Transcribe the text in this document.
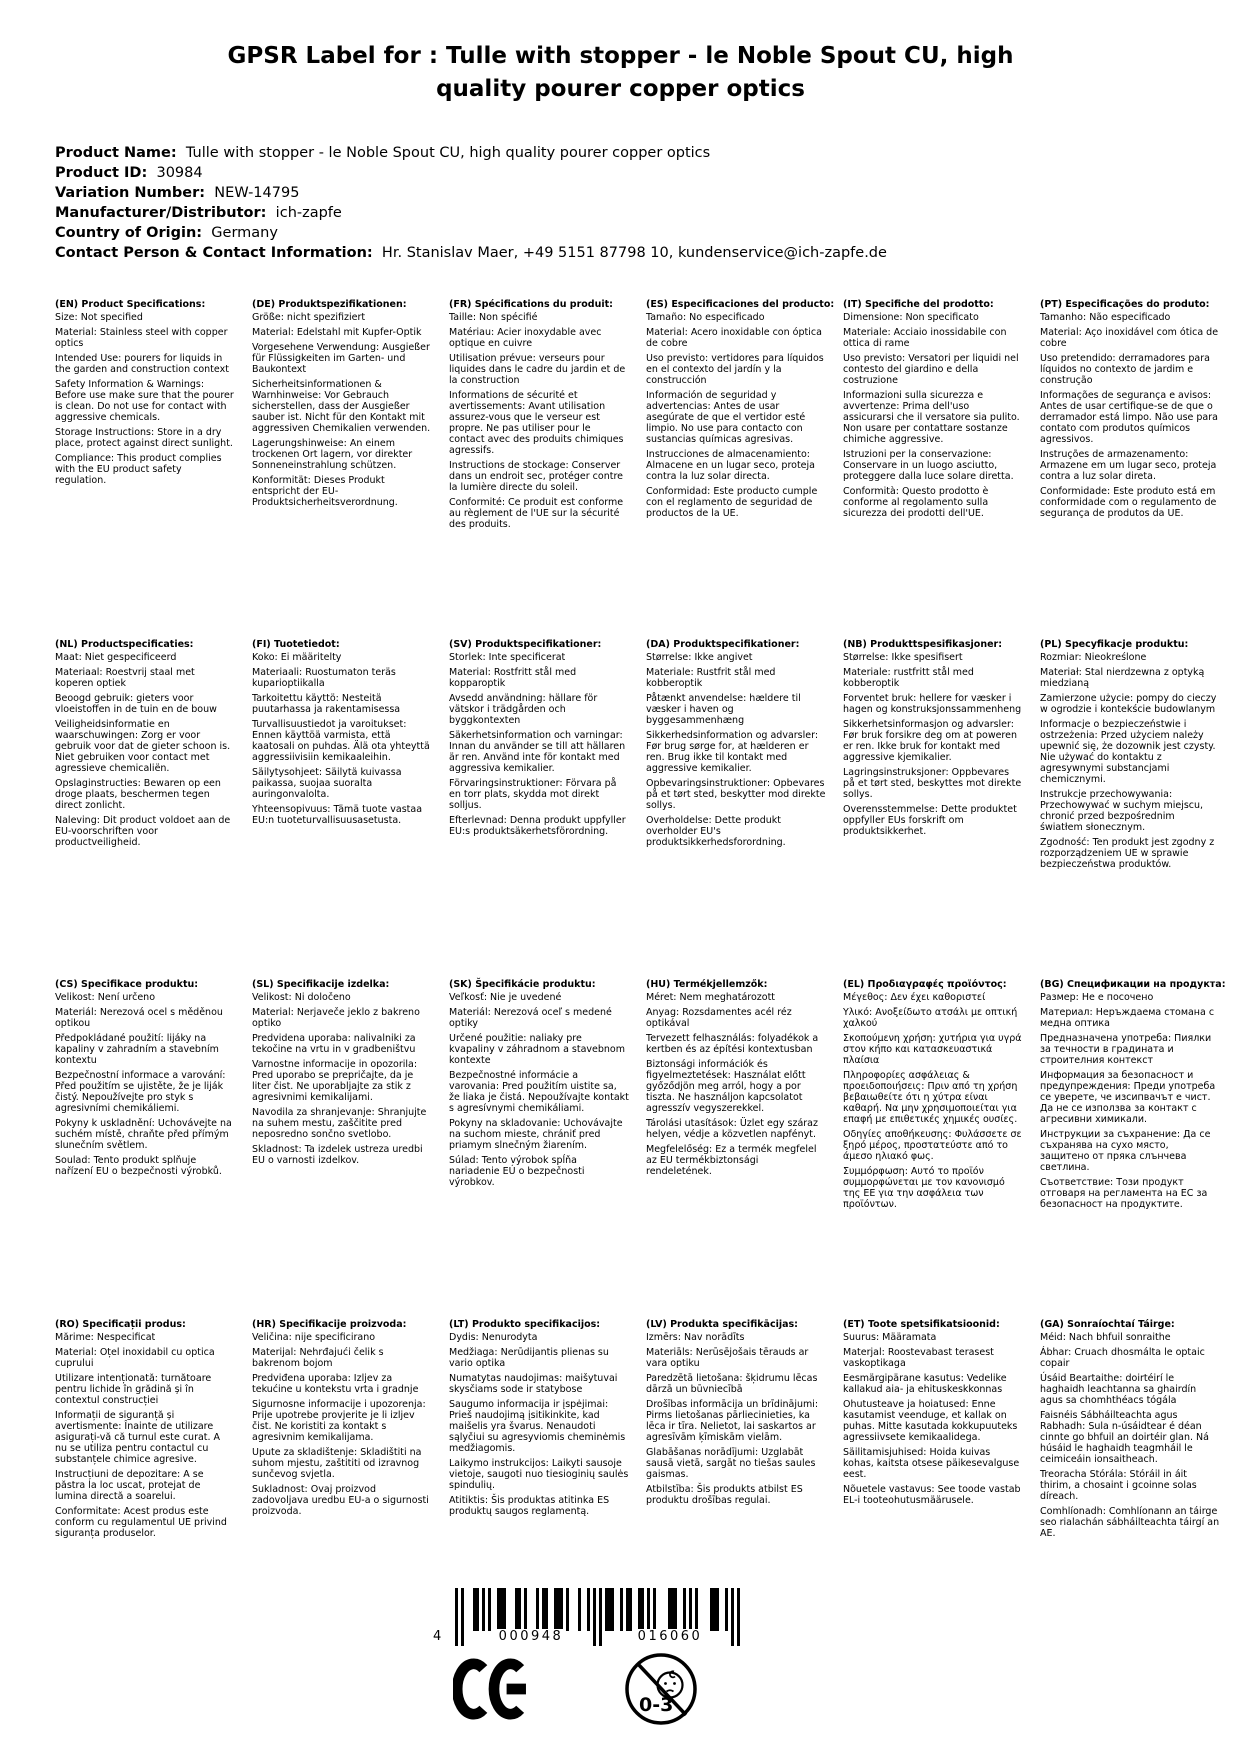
GPSR Label for : Tulle with stopper - le Noble Spout CU, high quality pourer copper optics
Product Name:  Tulle with stopper - le Noble Spout CU, high quality pourer copper optics
Product ID:  30984
Variation Number:  NEW-14795
Manufacturer/Distributor:  ich-zapfe
Country of Origin:  Germany
Contact Person & Contact Information:  Hr. Stanislav Maer, +49 5151 87798 10, kundenservice@ich-zapfe.de
(EN) Product Specifications:

Size: Not specified

Material: Stainless steel with copper optics

Intended Use: pourers for liquids in the garden and construction context

Safety Information & Warnings: Before use make sure that the pourer is clean. Do not use for contact with aggressive chemicals.

Storage Instructions: Store in a dry place, protect against direct sunlight.

Compliance: This product complies with the EU product safety regulation.

(DE) Produktspezifikationen:

Größe: nicht spezifiziert

Material: Edelstahl mit Kupfer-Optik

Vorgesehene Verwendung: Ausgießer für Flüssigkeiten im Garten- und Baukontext

Sicherheitsinformationen & Warnhinweise: Vor Gebrauch sicherstellen, dass der Ausgießer sauber ist. Nicht für den Kontakt mit aggressiven Chemikalien verwenden.

Lagerungshinweise: An einem trockenen Ort lagern, vor direkter Sonneneinstrahlung schützen.

Konformität: Dieses Produkt entspricht der EU-Produktsicherheitsverordnung.

(FR) Spécifications du produit:

Taille: Non spécifié

Matériau: Acier inoxydable avec optique en cuivre

Utilisation prévue: verseurs pour liquides dans le cadre du jardin et de la construction

Informations de sécurité et avertissements: Avant utilisation assurez-vous que le verseur est propre. Ne pas utiliser pour le contact avec des produits chimiques agressifs.

Instructions de stockage: Conserver dans un endroit sec, protéger contre la lumière directe du soleil.

Conformité: Ce produit est conforme au règlement de l'UE sur la sécurité des produits.

(ES) Especificaciones del producto:

Tamaño: No especificado

Material: Acero inoxidable con óptica de cobre

Uso previsto: vertidores para líquidos en el contexto del jardín y la construcción

Información de seguridad y advertencias: Antes de usar asegúrate de que el vertidor esté limpio. No use para contacto con sustancias químicas agresivas.

Instrucciones de almacenamiento: Almacene en un lugar seco, proteja contra la luz solar directa.

Conformidad: Este producto cumple con el reglamento de seguridad de productos de la UE.

(IT) Specifiche del prodotto:

Dimensione: Non specificato

Materiale: Acciaio inossidabile con ottica di rame

Uso previsto: Versatori per liquidi nel contesto del giardino e della costruzione

Informazioni sulla sicurezza e avvertenze: Prima dell'uso assicurarsi che il versatore sia pulito. Non usare per contattare sostanze chimiche aggressive.

Istruzioni per la conservazione: Conservare in un luogo asciutto, proteggere dalla luce solare diretta.

Conformità: Questo prodotto è conforme al regolamento sulla sicurezza dei prodotti dell'UE.

(PT) Especificações do produto:

Tamanho: Não especificado

Material: Aço inoxidável com ótica de cobre

Uso pretendido: derramadores para líquidos no contexto de jardim e construção

Informações de segurança e avisos: Antes de usar certifique-se de que o derramador está limpo. Não use para contato com produtos químicos agressivos.

Instruções de armazenamento: Armazene em um lugar seco, proteja contra a luz solar direta.

Conformidade: Este produto está em conformidade com o regulamento de segurança de produtos da UE.

(NL) Productspecificaties:

Maat: Niet gespecificeerd

Materiaal: Roestvrij staal met koperen optiek

Beoogd gebruik: gieters voor vloeistoffen in de tuin en de bouw

Veiligheidsinformatie en waarschuwingen: Zorg er voor gebruik voor dat de gieter schoon is. Niet gebruiken voor contact met agressieve chemicaliën.

Opslaginstructies: Bewaren op een droge plaats, beschermen tegen direct zonlicht.

Naleving: Dit product voldoet aan de EU-voorschriften voor productveiligheid.

(FI) Tuotetiedot:

Koko: Ei määritelty

Materiaali: Ruostumaton teräs kuparioptiikalla

Tarkoitettu käyttö: Nesteitä puutarhassa ja rakentamisessa

Turvallisuustiedot ja varoitukset: Ennen käyttöä varmista, että kaatosali on puhdas. Älä ota yhteyttä aggressiivisiin kemikaaleihin.

Säilytysohjeet: Säilytä kuivassa paikassa, suojaa suoralta auringonvalolta.

Yhteensopivuus: Tämä tuote vastaa EU:n tuoteturvallisuusasetusta.

(SV) Produktspecifikationer:

Storlek: Inte specificerat

Material: Rostfritt stål med kopparoptik

Avsedd användning: hällare för vätskor i trädgården och byggkontexten

Säkerhetsinformation och varningar: Innan du använder se till att hällaren är ren. Använd inte för kontakt med aggressiva kemikalier.

Förvaringsinstruktioner: Förvara på en torr plats, skydda mot direkt solljus.

Efterlevnad: Denna produkt uppfyller EU:s produktsäkerhetsförordning.

(DA) Produktspecifikationer:

Størrelse: Ikke angivet

Materiale: Rustfrit stål med kobberoptik

Påtænkt anvendelse: hældere til væsker i haven og byggesammenhæng

Sikkerhedsinformation og advarsler: Før brug sørge for, at hælderen er ren. Brug ikke til kontakt med aggressive kemikalier.

Opbevaringsinstruktioner: Opbevares på et tørt sted, beskytter mod direkte sollys.

Overholdelse: Dette produkt overholder EU's produktsikkerhedsforordning.

(NB) Produkttspesifikasjoner:

Størrelse: Ikke spesifisert

Materiale: rustfritt stål med kobberoptik

Forventet bruk: hellere for væsker i hagen og konstruksjonssammenheng

Sikkerhetsinformasjon og advarsler: Før bruk forsikre deg om at poweren er ren. Ikke bruk for kontakt med aggressive kjemikalier.

Lagringsinstruksjoner: Oppbevares på et tørt sted, beskyttes mot direkte sollys.

Overensstemmelse: Dette produktet oppfyller EUs forskrift om produktsikkerhet.

(PL) Specyfikacje produktu:

Rozmiar: Nieokreślone

Materiał: Stal nierdzewna z optyką miedzianą

Zamierzone użycie: pompy do cieczy w ogrodzie i kontekście budowlanym

Informacje o bezpieczeństwie i ostrzeżenia: Przed użyciem należy upewnić się, że dozownik jest czysty. Nie używać do kontaktu z agresywnymi substancjami chemicznymi.

Instrukcje przechowywania: Przechowywać w suchym miejscu, chronić przed bezpośrednim światłem słonecznym.

Zgodność: Ten produkt jest zgodny z rozporządzeniem UE w sprawie bezpieczeństwa produktów.

(CS) Specifikace produktu:

Velikost: Není určeno

Materiál: Nerezová ocel s měděnou optikou

Předpokládané použití: lijáky na kapaliny v zahradním a stavebním kontextu

Bezpečnostní informace a varování: Před použitím se ujistěte, že je liják čistý. Nepoužívejte pro styk s agresivními chemikáliemi.

Pokyny k uskladnění: Uchovávejte na suchém místě, chraňte před přímým slunečním světlem.

Soulad: Tento produkt splňuje nařízení EU o bezpečnosti výrobků.

(SL) Specifikacije izdelka:

Velikost: Ni določeno

Material: Nerjaveče jeklo z bakreno optiko

Predvidena uporaba: nalivalniki za tekočine na vrtu in v gradbeništvu

Varnostne informacije in opozorila: Pred uporabo se prepričajte, da je liter čist. Ne uporabljajte za stik z agresivnimi kemikalijami.

Navodila za shranjevanje: Shranjujte na suhem mestu, zaščitite pred neposredno sončno svetlobo.

Skladnost: Ta izdelek ustreza uredbi EU o varnosti izdelkov.

(SK) Špecifikácie produktu:

Veľkosť: Nie je uvedené

Materiál: Nerezová oceľ s medené optiky

Určené použitie: naliaky pre kvapaliny v záhradnom a stavebnom kontexte

Bezpečnostné informácie a varovania: Pred použitím uistite sa, že liaka je čistá. Nepoužívajte kontakt s agresívnymi chemikáliami.

Pokyny na skladovanie: Uchovávajte na suchom mieste, chrániť pred priamym slnečným žiarením.

Súlad: Tento výrobok spĺňa nariadenie EÚ o bezpečnosti výrobkov.

(HU) Termékjellemzők:

Méret: Nem meghatározott

Anyag: Rozsdamentes acél réz optikával

Tervezett felhasználás: folyadékok a kertben és az építési kontextusban

Biztonsági információk és figyelmeztetések: Használat előtt győződjön meg arról, hogy a por tiszta. Ne használjon kapcsolatot agresszív vegyszerekkel.

Tárolási utasítások: Üzlet egy száraz helyen, védje a közvetlen napfényt.

Megfelelőség: Ez a termék megfelel az EU termékbiztonsági rendeletének.

(EL) Προδιαγραφές προϊόντος:

Μέγεθος: Δεν έχει καθοριστεί

Υλικό: Ανοξείδωτο ατσάλι με οπτική χαλκού

Σκοπούμενη χρήση: χυτήρια για υγρά στον κήπο και κατασκευαστικά πλαίσια

Πληροφορίες ασφάλειας & προειδοποιήσεις: Πριν από τη χρήση βεβαιωθείτε ότι η χύτρα είναι καθαρή. Να μην χρησιμοποιείται για επαφή με επιθετικές χημικές ουσίες.

Οδηγίες αποθήκευσης: Φυλάσσετε σε ξηρό μέρος, προστατεύστε από το άμεσο ηλιακό φως.

Συμμόρφωση: Αυτό το προϊόν συμμορφώνεται με τον κανονισμό της ΕΕ για την ασφάλεια των προϊόντων.

(BG) Спецификации на продукта:

Размер: Не е посочено

Материал: Неръждаема стомана с медна оптика

Предназначена употреба: Пиялки за течности в градината и строителния контекст

Информация за безопасност и предупреждения: Преди употреба се уверете, че изсипвачът е чист. Да не се използва за контакт с агресивни химикали.

Инструкции за съхранение: Да се съхранява на сухо място, защитено от пряка слънчева светлина.

Съответствие: Този продукт отговаря на регламента на ЕС за безопасност на продуктите.

(RO) Specificații produs:

Mărime: Nespecificat

Material: Oțel inoxidabil cu optica cuprului

Utilizare intenționată: turnătoare pentru lichide în grădină și în contextul construcției

Informații de siguranță și avertismente: Înainte de utilizare asigurați-vă că turnul este curat. A nu se utiliza pentru contactul cu substanțele chimice agresive.

Instrucțiuni de depozitare: A se păstra la loc uscat, protejat de lumina directă a soarelui.

Conformitate: Acest produs este conform cu regulamentul UE privind siguranța produselor.

(HR) Specifikacije proizvoda:

Veličina: nije specificirano

Materijal: Nehrđajući čelik s bakrenom bojom

Predviđena uporaba: Izljev za tekućine u kontekstu vrta i gradnje

Sigurnosne informacije i upozorenja: Prije upotrebe provjerite je li izljev čist. Ne koristiti za kontakt s agresivnim kemikalijama.

Upute za skladištenje: Skladištiti na suhom mjestu, zaštititi od izravnog sunčevog svjetla.

Sukladnost: Ovaj proizvod zadovoljava uredbu EU-a o sigurnosti proizvoda.

(LT) Produkto specifikacijos:

Dydis: Nenurodyta

Medžiaga: Nerūdijantis plienas su vario optika

Numatytas naudojimas: maišytuvai skysčiams sode ir statybose

Saugumo informacija ir įspėjimai: Prieš naudojimą įsitikinkite, kad maišelis yra švarus. Nenaudoti sąlyčiui su agresyviomis cheminėmis medžiagomis.

Laikymo instrukcijos: Laikyti sausoje vietoje, saugoti nuo tiesioginių saulės spindulių.

Atitiktis: Šis produktas atitinka ES produktų saugos reglamentą.

(LV) Produkta specifikācijas:

Izmērs: Nav norādīts

Materiāls: Nerūsējošais tērauds ar vara optiku

Paredzētā lietošana: šķidrumu lēcas dārzā un būvniecībā

Drošības informācija un brīdinājumi: Pirms lietošanas pārliecinieties, ka lēca ir tīra. Nelietot, lai saskartos ar agresīvām ķīmiskām vielām.

Glabāšanas norādījumi: Uzglabāt sausā vietā, sargāt no tiešas saules gaismas.

Atbilstība: Šis produkts atbilst ES produktu drošības regulai.

(ET) Toote spetsifikatsioonid:

Suurus: Määramata

Materjal: Roostevabast terasest vaskoptikaga

Eesmärgipärane kasutus: Vedelike kallakud aia- ja ehituskeskkonnas

Ohutusteave ja hoiatused: Enne kasutamist veenduge, et kallak on puhas. Mitte kasutada kokkupuuteks agressiivsete kemikaalidega.

Säilitamisjuhised: Hoida kuivas kohas, kaitsta otsese päikesevalguse eest.

Nõuetele vastavus: See toode vastab EL-i tooteohutusmäärusele.

(GA) Sonraíochtaí Táirge:

Méid: Nach bhfuil sonraithe

Ábhar: Cruach dhosmálta le optaic copair

Úsáid Beartaithe: doirtéirí le haghaidh leachtanna sa ghairdín agus sa chomhthéacs tógála

Faisnéis Sábháilteachta agus Rabhadh: Sula n-úsáidtear é déan cinnte go bhfuil an doirtéir glan. Ná húsáid le haghaidh teagmháil le ceimiceáin ionsaitheach.

Treoracha Stórála: Stóráil in áit thirim, a chosaint i gcoinne solas díreach.

Comhlíonadh: Comhlíonann an táirge seo rialachán sábháilteachta táirgí an AE.

4	000948	016060
0-3
